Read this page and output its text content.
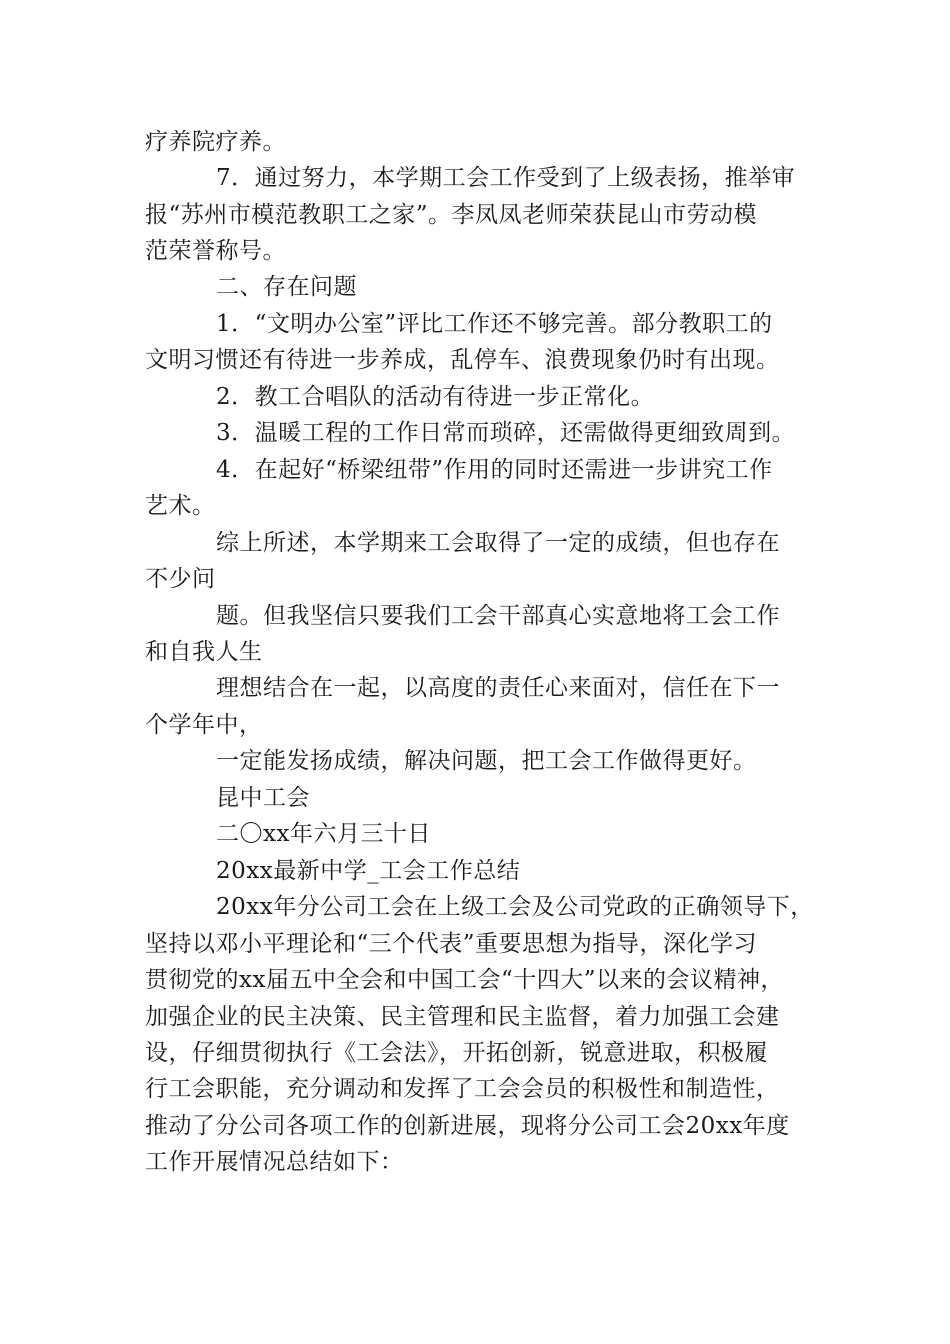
疗养院疗养。
7．通过努力，本学期工会工作受到了上级表扬，推举审
报“苏州市模范教职工之家”。李凤凤老师荣获昆山市劳动模
范荣誉称号。
二、存在问题
1．“文明办公室”评比工作还不够完善。部分教职工的
文明习惯还有待进一步养成，乱停车、浪费现象仍时有出现。
2．教工合唱队的活动有待进一步正常化。
3．温暖工程的工作日常而琐碎，还需做得更细致周到。
4．在起好“桥梁纽带”作用的同时还需进一步讲究工作
艺术。
综上所述，本学期来工会取得了一定的成绩，但也存在
不少问
题。但我坚信只要我们工会干部真心实意地将工会工作
和自我人生
理想结合在一起，以高度的责任心来面对，信任在下一
个学年中，
一定能发扬成绩，解决问题，把工会工作做得更好。
昆中工会
二〇xx年六月三十日
20xx最新中学_工会工作总结
20xx年分公司工会在上级工会及公司党政的正确领导下，
坚持以邓小平理论和“三个代表”重要思想为指导，深化学习
贯彻党的xx届五中全会和中国工会“十四大”以来的会议精神，
加强企业的民主决策、民主管理和民主监督，着力加强工会建
设，仔细贯彻执行《工会法》，开拓创新，锐意进取，积极履
行工会职能，充分调动和发挥了工会会员的积极性和制造性，
推动了分公司各项工作的创新进展，现将分公司工会20xx年度
工作开展情况总结如下：
